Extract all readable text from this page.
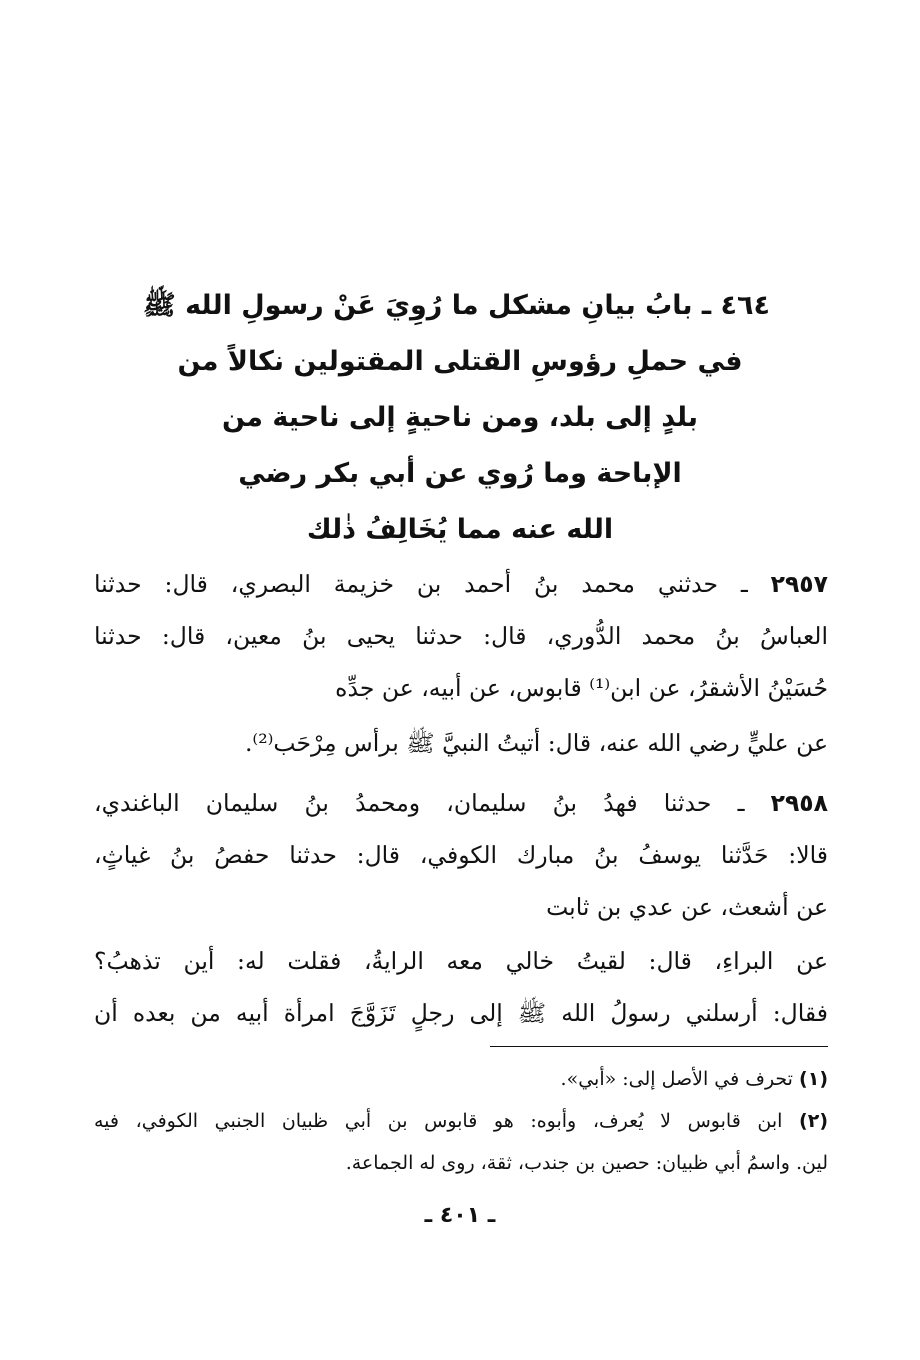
٤٦٤ ـ بابُ بيانِ مشكل ما رُوِيَ عَنْ رسولِ الله ﷺ
في حملِ رؤوسِ القتلى المقتولين نكالاً من
بلدٍ إلى بلد، ومن ناحيةٍ إلى ناحية من
الإباحة وما رُوي عن أبي بكر رضي
الله عنه مما يُخَالِفُ ذٰلك
٢٩٥٧ ـ حدثني محمد بنُ أحمد بن خزيمة البصري، قال: حدثنا
العباسُ بنُ محمد الدُّوري، قال: حدثنا يحيى بنُ معين، قال: حدثنا
حُسَيْنُ الأشقرُ، عن ابن⁽¹⁾ قابوس، عن أبيه، عن جدِّه
عن عليٍّ رضي الله عنه، قال: أتيتُ النبيَّ ﷺ برأس مِرْحَب⁽²⁾.
٢٩٥٨ ـ حدثنا فهدُ بنُ سليمان، ومحمدُ بنُ سليمان الباغندي،
قالا: حَدَّثنا يوسفُ بنُ مبارك الكوفي، قال: حدثنا حفصُ بنُ غياثٍ،
عن أشعث، عن عدي بن ثابت
عن البراءِ، قال: لقيتُ خالي معه الرايةُ، فقلت له: أين تذهبُ؟
فقال: أرسلني رسولُ الله ﷺ إلى رجلٍ تَزَوَّجَ امرأة أبيه من بعده أن
(١) تحرف في الأصل إلى: «أبي».
(٢) ابن قابوس لا يُعرف، وأبوه: هو قابوس بن أبي ظبيان الجنبي الكوفي، فيه
لين. واسمُ أبي ظبيان: حصين بن جندب، ثقة، روى له الجماعة.
ـ ٤٠١ ـ
